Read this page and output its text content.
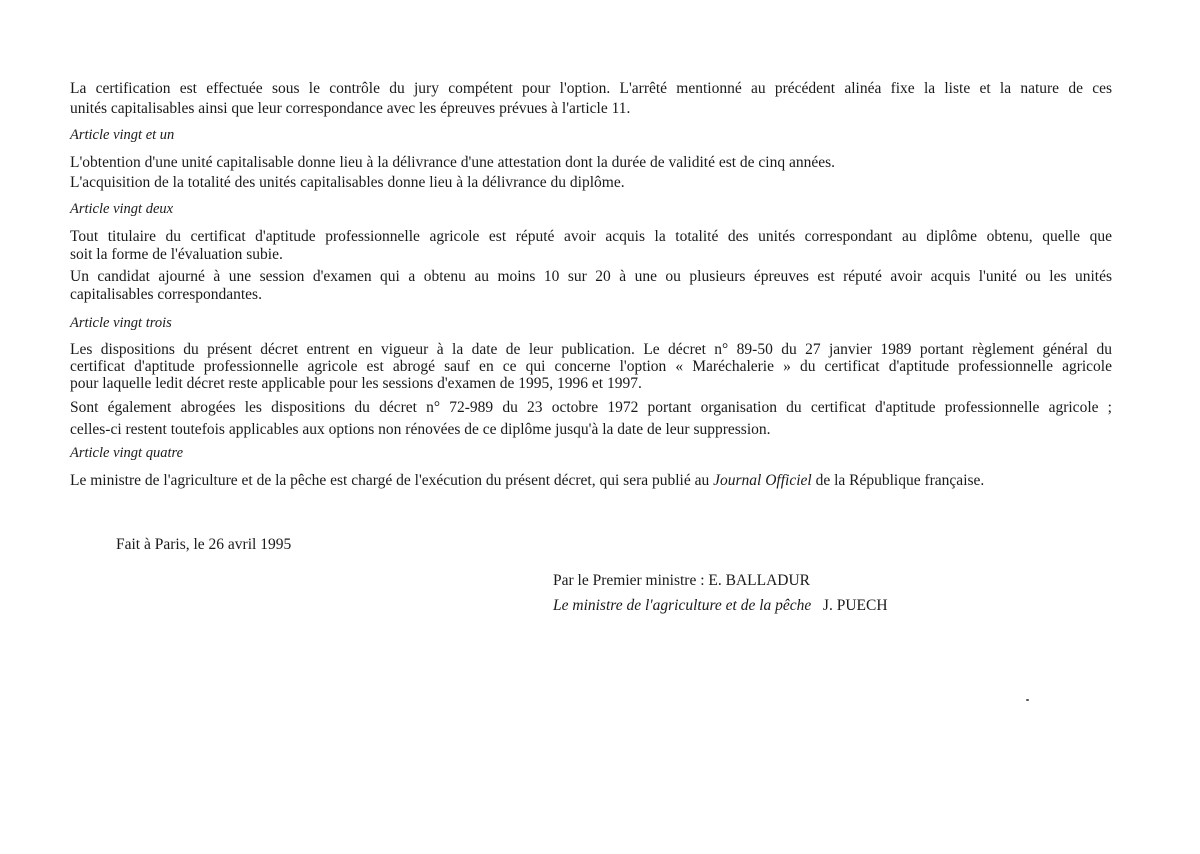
La certification est effectuée sous le contrôle du jury compétent pour l'option. L'arrêté mentionné au précédent alinéa fixe la liste et la nature de ces
unités capitalisables ainsi que leur correspondance avec les épreuves prévues à l'article 11.
Article vingt et un
L'obtention d'une unité capitalisable donne lieu à la délivrance d'une attestation dont la durée de validité est de cinq années.
L'acquisition de la totalité des unités capitalisables donne lieu à la délivrance du diplôme.
Article vingt deux
Tout titulaire du certificat d'aptitude professionnelle agricole est réputé avoir acquis la totalité des unités correspondant au diplôme obtenu, quelle que
soit la forme de l'évaluation subie.
Un candidat ajourné à une session d'examen qui a obtenu au moins 10 sur 20 à une ou plusieurs épreuves est réputé avoir acquis l'unité ou les unités
capitalisables correspondantes.
Article vingt trois
Les dispositions du présent décret entrent en vigueur à la date de leur publication. Le décret n° 89-50 du 27 janvier 1989 portant règlement général du
certificat d'aptitude professionnelle agricole est abrogé sauf en ce qui concerne l'option « Maréchalerie » du certificat d'aptitude professionnelle agricole
pour laquelle ledit décret reste applicable pour les sessions d'examen de 1995, 1996 et 1997.
Sont également abrogées les dispositions du décret n° 72-989 du 23 octobre 1972 portant organisation du certificat d'aptitude professionnelle agricole ;
celles-ci restent toutefois applicables aux options non rénovées de ce diplôme jusqu'à la date de leur suppression.
Article vingt quatre
Le ministre de l'agriculture et de la pêche est chargé de l'exécution du présent décret, qui sera publié au Journal Officiel de la République française.
Fait à Paris, le 26 avril 1995
Par le Premier ministre : E. BALLADUR
Le ministre de l'agriculture et de la pêche J. PUECH
